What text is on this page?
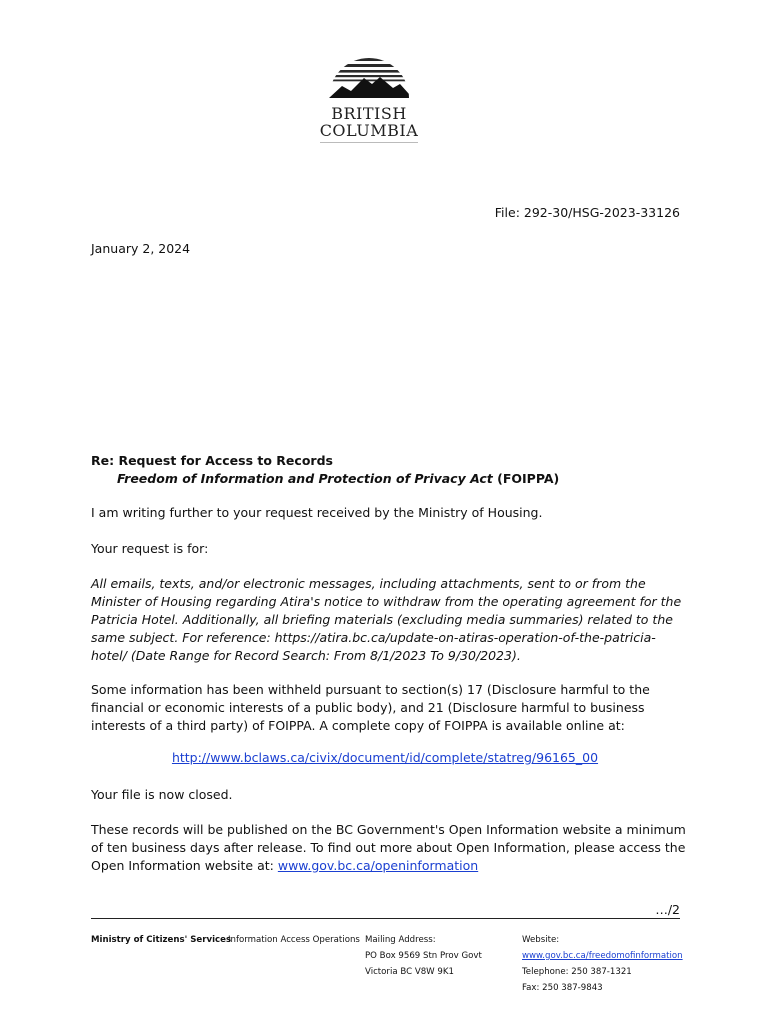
BRITISH
COLUMBIA
File: 292-30/HSG-2023-33126
January 2, 2024
Re: Request for Access to Records
Freedom of Information and Protection of Privacy Act (FOIPPA)
I am writing further to your request received by the Ministry of Housing.
Your request is for:
All emails, texts, and/or electronic messages, including attachments, sent to or from the Minister of Housing regarding Atira's notice to withdraw from the operating agreement for the Patricia Hotel. Additionally, all briefing materials (excluding media summaries) related to the same subject. For reference: https://atira.bc.ca/update-on-atiras-operation-of-the-patricia-hotel/ (Date Range for Record Search: From 8/1/2023 To 9/30/2023).
Some information has been withheld pursuant to section(s) 17 (Disclosure harmful to the financial or economic interests of a public body), and 21 (Disclosure harmful to business interests of a third party) of FOIPPA. A complete copy of FOIPPA is available online at:
http://www.bclaws.ca/civix/document/id/complete/statreg/96165_00
Your file is now closed.
These records will be published on the BC Government's Open Information website a minimum of ten business days after release. To find out more about Open Information, please access the Open Information website at: www.gov.bc.ca/openinformation
…/2
Ministry of Citizens' Services
Information Access Operations Mailing Address:
PO Box 9569 Stn Prov Govt
Victoria BC V8W 9K1
Website:
www.gov.bc.ca/freedomofinformation
Telephone: 250 387-1321
Fax: 250 387-9843
